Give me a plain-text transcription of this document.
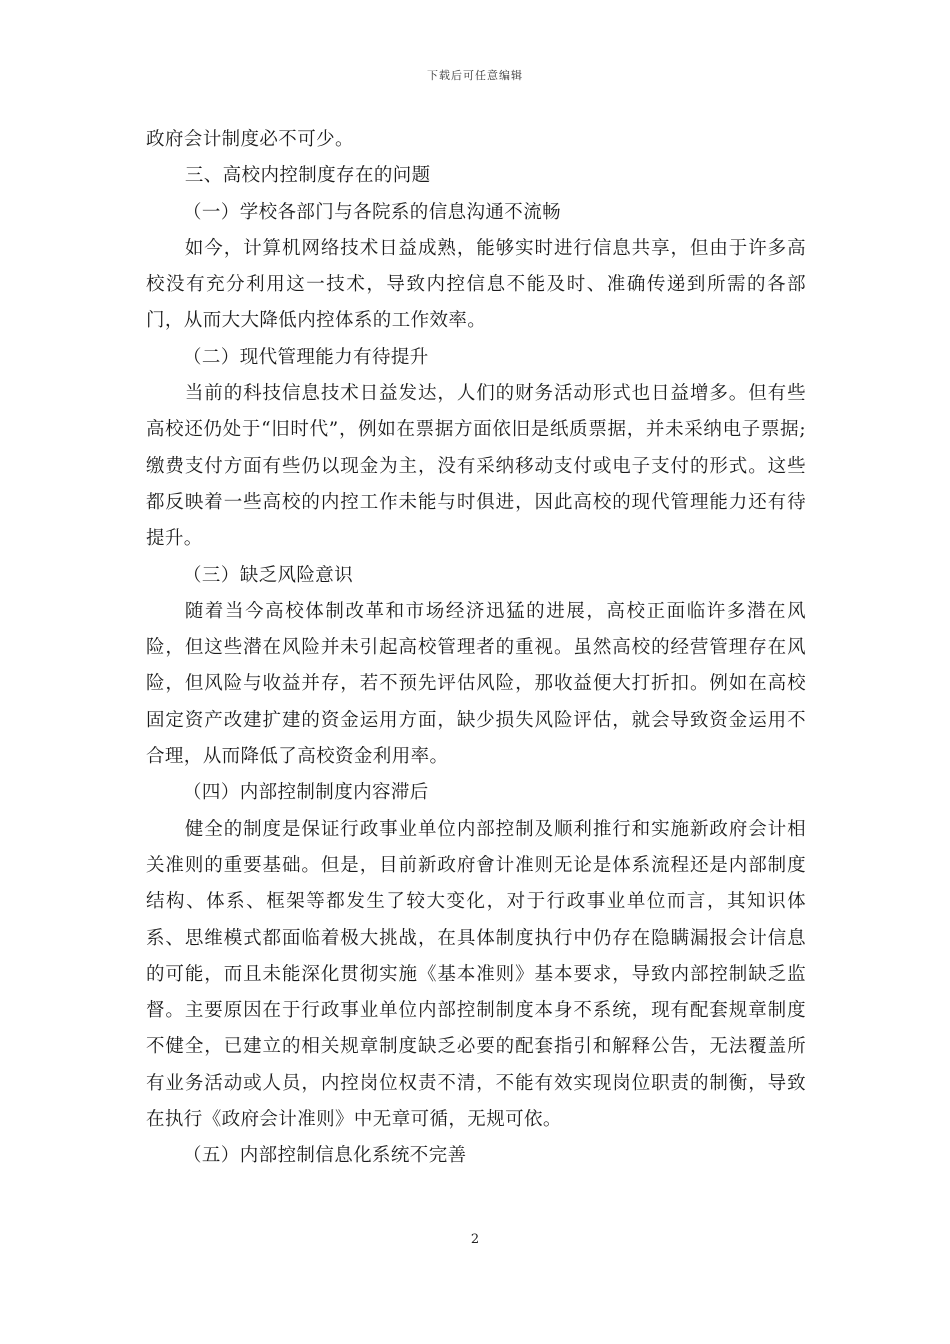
下载后可任意编辑

政府会计制度必不可少。

三、高校内控制度存在的问题

（一）学校各部门与各院系的信息沟通不流畅

如今，计算机网络技术日益成熟，能够实时进行信息共享，但由于许多高校没有充分利用这一技术，导致内控信息不能及时、准确传递到所需的各部门，从而大大降低内控体系的工作效率。

（二）现代管理能力有待提升

当前的科技信息技术日益发达，人们的财务活动形式也日益增多。但有些高校还仍处于“旧时代”，例如在票据方面依旧是纸质票据，并未采纳电子票据;缴费支付方面有些仍以现金为主，没有采纳移动支付或电子支付的形式。这些都反映着一些高校的内控工作未能与时俱进，因此高校的现代管理能力还有待提升。

（三）缺乏风险意识

随着当今高校体制改革和市场经济迅猛的进展，高校正面临许多潜在风险，但这些潜在风险并未引起高校管理者的重视。虽然高校的经营管理存在风险，但风险与收益并存，若不预先评估风险，那收益便大打折扣。例如在高校固定资产改建扩建的资金运用方面，缺少损失风险评估，就会导致资金运用不合理，从而降低了高校资金利用率。

（四）内部控制制度内容滞后

健全的制度是保证行政事业单位内部控制及顺利推行和实施新政府会计相关准则的重要基础。但是，目前新政府會计准则无论是体系流程还是内部制度结构、体系、框架等都发生了较大变化，对于行政事业单位而言，其知识体系、思维模式都面临着极大挑战，在具体制度执行中仍存在隐瞒漏报会计信息的可能，而且未能深化贯彻实施《基本准则》基本要求，导致内部控制缺乏监督。主要原因在于行政事业单位内部控制制度本身不系统，现有配套规章制度不健全，已建立的相关规章制度缺乏必要的配套指引和解释公告，无法覆盖所有业务活动或人员，内控岗位权责不清，不能有效实现岗位职责的制衡，导致在执行《政府会计准则》中无章可循，无规可依。

（五）内部控制信息化系统不完善

2
